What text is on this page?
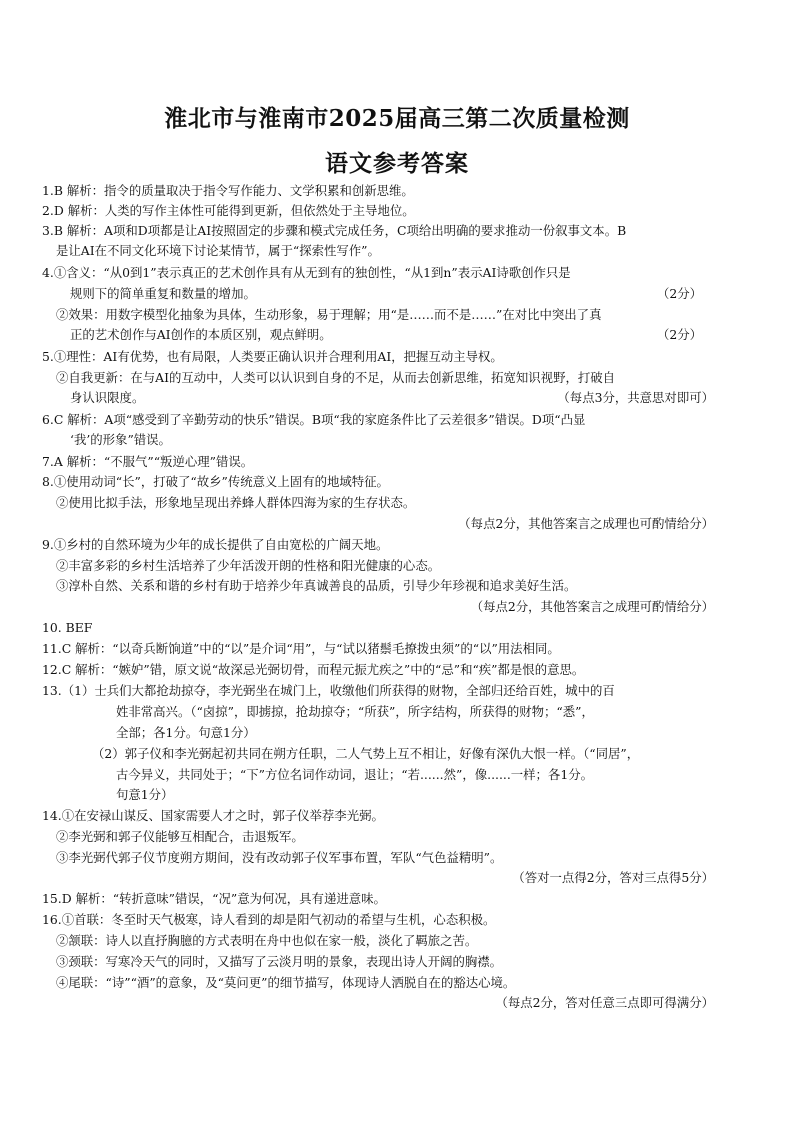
淮北市与淮南市2025届高三第二次质量检测
语文参考答案
1.B 解析：指令的质量取决于指令写作能力、文学积累和创新思维。
2.D 解析：人类的写作主体性可能得到更新，但依然处于主导地位。
3.B 解析：A项和D项都是让AI按照固定的步骤和模式完成任务，C项给出明确的要求推动一份叙事文本。B
是让AI在不同文化环境下讨论某情节，属于“探索性写作”。
4.①含义：“从0到1”表示真正的艺术创作具有从无到有的独创性，“从1到n”表示AI诗歌创作只是
规则下的简单重复和数量的增加。	（2分）
②效果：用数字模型化抽象为具体，生动形象，易于理解；用“是……而不是……”在对比中突出了真
正的艺术创作与AI创作的本质区别，观点鲜明。	（2分）
5.①理性：AI有优势，也有局限，人类要正确认识并合理利用AI，把握互动主导权。
②自我更新：在与AI的互动中，人类可以认识到自身的不足，从而去创新思维，拓宽知识视野，打破自
身认识限度。	（每点3分，共意思对即可）
6.C 解析：A项“感受到了辛勤劳动的快乐”错误。B项“我的家庭条件比了云差很多”错误。D项“凸显
‘我’的形象”错误。
7.A 解析：“不服气”“叛逆心理”错误。
8.①使用动词“长”，打破了“故乡”传统意义上固有的地域特征。
②使用比拟手法，形象地呈现出养蜂人群体四海为家的生存状态。
（每点2分，其他答案言之成理也可酌情给分）
9.①乡村的自然环境为少年的成长提供了自由宽松的广阔天地。
②丰富多彩的乡村生活培养了少年活泼开朗的性格和阳光健康的心态。
③淳朴自然、关系和谐的乡村有助于培养少年真诚善良的品质，引导少年珍视和追求美好生活。
（每点2分，其他答案言之成理可酌情给分）
10. BEF
11.C 解析：“以奇兵断饷道”中的“以”是介词“用”，与“试以猪鬃毛撩拨虫须”的“以”用法相同。
12.C 解析：“嫉妒”错，原文说“故深忌光弼切骨，而程元振尤疾之”中的“忌”和“疾”都是恨的意思。
13.（1）士兵们大都抢劫掠夺，李光弼坐在城门上，收缴他们所获得的财物，全部归还给百姓，城中的百
姓非常高兴。（“卤掠”，即掳掠，抢劫掠夺；“所获”，所字结构，所获得的财物；“悉”，
全部；各1分。句意1分）
（2）郭子仪和李光弼起初共同在朔方任职，二人气势上互不相让，好像有深仇大恨一样。（“同居”，
古今异义，共同处于；“下”方位名词作动词，退让；“若......然”，像......一样；各1分。
句意1分）
14.①在安禄山谋反、国家需要人才之时，郭子仪举荐李光弼。
②李光弼和郭子仪能够互相配合，击退叛军。
③李光弼代郭子仪节度朔方期间，没有改动郭子仪军事布置，军队“气色益精明”。
（答对一点得2分，答对三点得5分）
15.D 解析：“转折意味”错误，“况”意为何况，具有递进意味。
16.①首联：冬至时天气极寒，诗人看到的却是阳气初动的希望与生机，心态积极。
②颔联：诗人以直抒胸臆的方式表明在舟中也似在家一般，淡化了羁旅之苦。
③颈联：写寒冷天气的同时，又描写了云淡月明的景象，表现出诗人开阔的胸襟。
④尾联：“诗”“酒”的意象，及“莫问更”的细节描写，体现诗人洒脱自在的豁达心境。
（每点2分，答对任意三点即可得满分）
